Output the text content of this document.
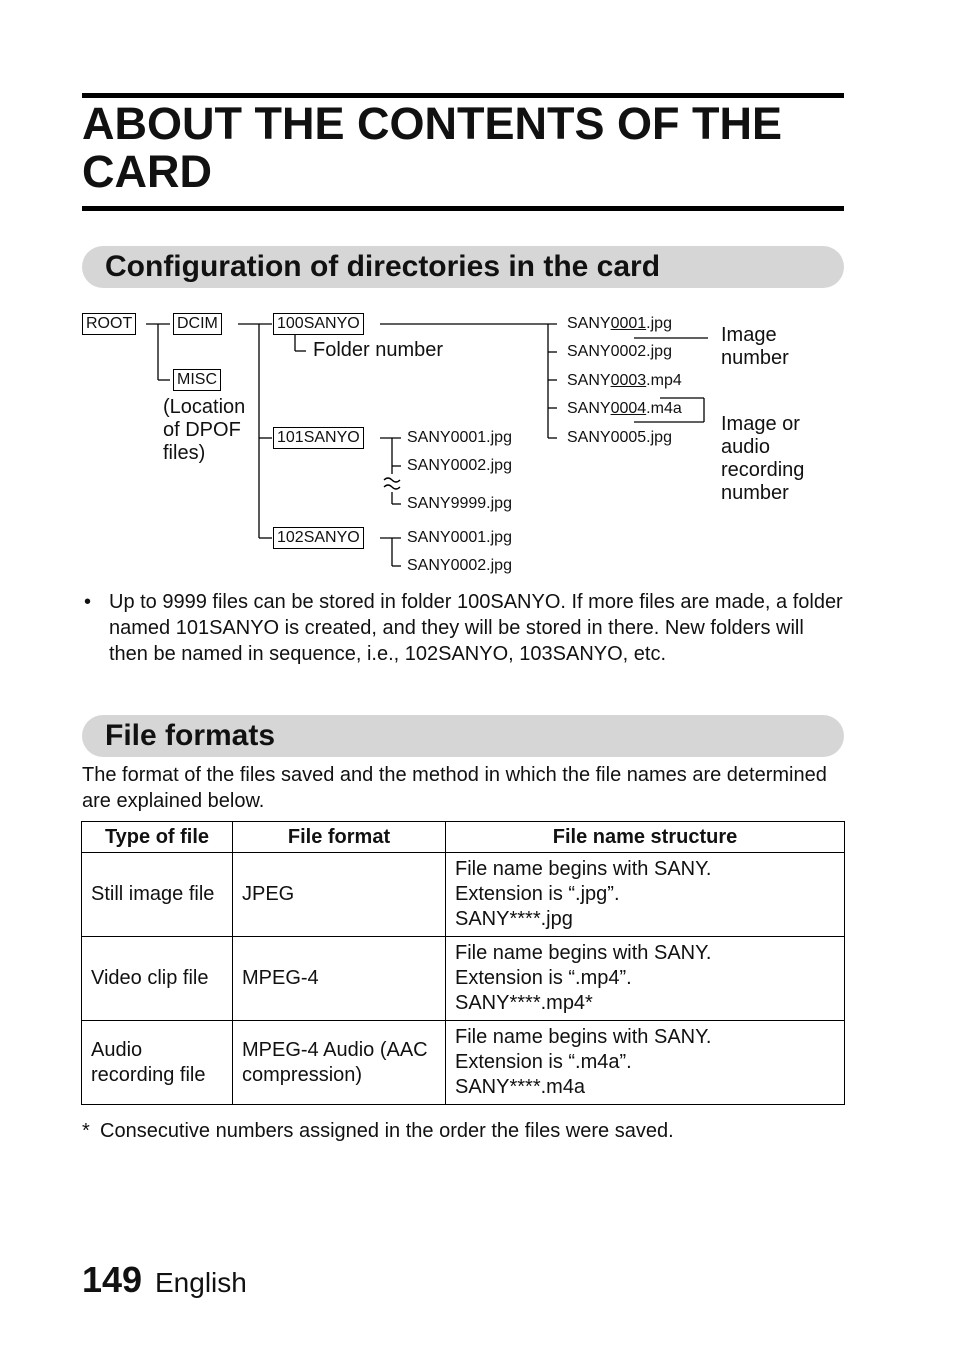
ABOUT THE CONTENTS OF THE CARD
Configuration of directories in the card
ROOT	DCIM
MISC
(Location of DPOF files)
100SANYO
101SANYO
102SANYO
Folder number
SANY0001.jpg
SANY0002.jpg
SANY0003.mp4
SANY0004.m4a
SANY0005.jpg
Image number
Image or audio recording number
SANY0001.jpg
SANY0002.jpg
SANY9999.jpg
SANY0001.jpg
SANY0002.jpg
• Up to 9999 files can be stored in folder 100SANYO. If more files are made, a folder named 101SANYO is created, and they will be stored in there. New folders will then be named in sequence, i.e., 102SANYO, 103SANYO, etc.
File formats

The format of the files saved and the method in which the file names are determined are explained below.

Type of file	File format	File name structure
Still image file	JPEG	File name begins with SANY.
Extension is “.jpg”.
SANY****.jpg

Video clip file	MPEG-4	File name begins with SANY.
Extension is “.mp4”.
SANY****.mp4*

Audio recording file	MPEG-4 Audio (AAC compression)	File name begins with SANY.
Extension is “.m4a”.
SANY****.m4a
* Consecutive numbers assigned in the order the files were saved.
149 English
